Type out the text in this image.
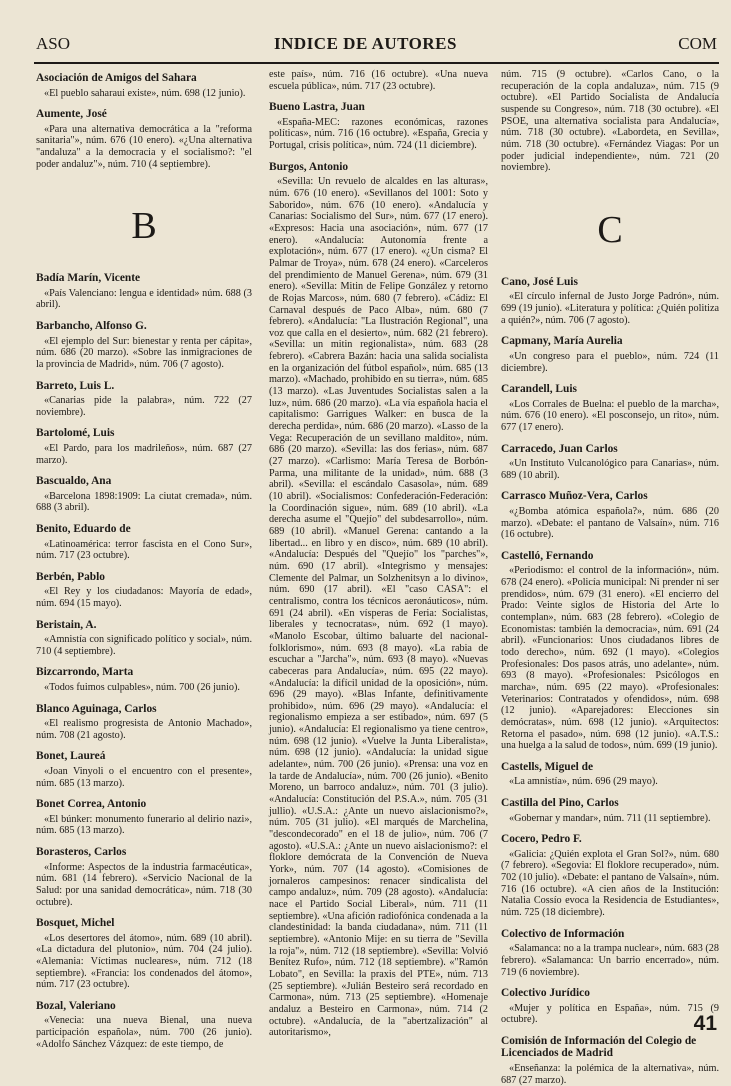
ASO	INDICE DE AUTORES	COM
Asociación de Amigos del Sahara

«El pueblo saharaui existe», núm. 698 (12 junio).

Aumente, José

«Para una alternativa democrática a la "reforma sanitaria"», núm. 676 (10 enero). «¿Una alternativa "andaluza" a la democracia y el socialismo?: "el poder andaluz"», núm. 710 (4 septiembre).

B
Badía Marín, Vicente

«País Valenciano: lengua e identidad» núm. 688 (3 abril).

Barbancho, Alfonso G.

«El ejemplo del Sur: bienestar y renta per cápita», núm. 686 (20 marzo). «Sobre las inmigraciones de la provincia de Madrid», núm. 706 (7 agosto).

Barreto, Luis L.

«Canarias pide la palabra», núm. 722 (27 noviembre).

Bartolomé, Luis

«El Pardo, para los madrileños», núm. 687 (27 marzo).

Bascualdo, Ana

«Barcelona 1898:1909: La ciutat cremada», núm. 688 (3 abril).

Benito, Eduardo de

«Latinoamérica: terror fascista en el Cono Sur», núm. 717 (23 octubre).

Berbén, Pablo

«El Rey y los ciudadanos: Mayoría de edad», núm. 694 (15 mayo).

Beristain, A.

«Amnistía con significado político y social», núm. 710 (4 septiembre).

Bizcarrondo, Marta

«Todos fuimos culpables», núm. 700 (26 junio).

Blanco Aguinaga, Carlos

«El realismo progresista de Antonio Machado», núm. 708 (21 agosto).

Bonet, Laureá

«Joan Vinyoli o el encuentro con el presente», núm. 685 (13 marzo).

Bonet Correa, Antonio

«El búnker: monumento funerario al delirio nazi», núm. 685 (13 marzo).

Borasteros, Carlos

«Informe: Aspectos de la industria farmacéutica», núm. 681 (14 febrero). «Servicio Nacional de la Salud: por una sanidad democrática», núm. 718 (30 octubre).

Bosquet, Michel

«Los desertores del átomo», núm. 689 (10 abril). «La dictadura del plutonio», núm. 704 (24 julio). «Alemania: Víctimas nucleares», núm. 712 (18 septiembre). «Francia: los condenados del átomo», núm. 717 (23 octubre).

Bozal, Valeriano

«Venecia: una nueva Bienal, una nueva participación española», núm. 700 (26 junio). «Adolfo Sánchez Vázquez: de este tiempo, de

este país», núm. 716 (16 octubre). «Una nueva escuela pública», núm. 717 (23 octubre).

Bueno Lastra, Juan

«España-MEC: razones económicas, razones políticas», núm. 716 (16 octubre). «España, Grecia y Portugal, crisis política», núm. 724 (11 diciembre).

Burgos, Antonio

«Sevilla: Un revuelo de alcaldes en las alturas», núm. 676 (10 enero). «Sevillanos del 1001: Soto y Saborido», núm. 676 (10 enero). «Andalucía y Canarias: Socialismo del Sur», núm. 677 (17 enero). «Expresos: Hacia una asociación», núm. 677 (17 enero). «Andalucía: Autonomía frente a explotación», núm. 677 (17 enero). «¿Un cisma? El Palmar de Troya», núm. 678 (24 enero). «Carceleros del prendimiento de Manuel Gerena», núm. 679 (31 enero). «Sevilla: Mitin de Felipe González y retorno de Rojas Marcos», núm. 680 (7 febrero). «Cádiz: El Carnaval después de Paco Alba», núm. 680 (7 febrero). «Andalucía: "La Ilustración Regional", una voz que calla en el desierto», núm. 682 (21 febrero). «Sevilla: un mitin regionalista», núm. 683 (28 febrero). «Cabrera Bazán: hacia una salida socialista en la organización del fútbol español», núm. 685 (13 marzo). «Machado, prohibido en su tierra», núm. 685 (13 marzo). «Las Juventudes Socialistas salen a la luz», núm. 686 (20 marzo). «La vía española hacia el capitalismo: Garrigues Walker: en busca de la derecha perdida», núm. 686 (20 marzo). «Lasso de la Vega: Recuperación de un sevillano maldito», núm. 686 (20 marzo). «Sevilla: las dos ferias», núm. 687 (27 marzo). «Carlismo: María Teresa de Borbón-Parma, una militante de la unidad», núm. 688 (3 abril). «Sevilla: el escándalo Casasola», núm. 689 (10 abril). «Socialismos: Confederación-Federación: la Coordinación sigue», núm. 689 (10 abril). «La derecha asume el "Quejío" del subdesarrollo», núm. 689 (10 abril). «Manuel Gerena: cantando a la libertad... en libro y en disco», núm. 689 (10 abril). «Andalucía: Después del "Quejío" los "parches"», núm. 690 (17 abril). «Integrismo y mensajes: Clemente del Palmar, un Solzhenitsyn a lo divino», núm. 690 (17 abril). «El "caso CASA": el centralismo, contra los técnicos aeronáuticos», núm. 691 (24 abril). «En vísperas de Feria: Socialistas, liberales y tecnocratas», núm. 692 (1 mayo). «Manolo Escobar, último baluarte del nacional-folklorismo», núm. 693 (8 mayo). «La rabia de escuchar a "Jarcha"», núm. 693 (8 mayo). «Nuevas cabeceras para Andalucía», núm. 695 (22 mayo). «Andalucía: la difícil unidad de la oposición», núm. 696 (29 mayo). «Blas Infante, definitivamente prohibido», núm. 696 (29 mayo). «Andalucía: el regionalismo empieza a ser estibado», núm. 697 (5 junio). «Andalucía: El regionalismo ya tiene centro», núm. 698 (12 junio). «Vuelve la Junta Liberalista», núm. 698 (12 junio). «Andalucía: la unidad sigue adelante», núm. 700 (26 junio). «Prensa: una voz en la tarde de Andalucía», núm. 700 (26 junio). «Benito Moreno, un barroco andaluz», núm. 701 (3 julio). «Andalucía: Constitución del P.S.A.», núm. 705 (31 jullio). «U.S.A.: ¿Ante un nuevo aislacionismo?», núm. 705 (31 julio). «El marqués de Marchelina, "descondecorado" en el 18 de julio», núm. 706 (7 agosto). «U.S.A.: ¿Ante un nuevo aislacionismo?: el floklore demócrata de la Convención de Nueva York», núm. 707 (14 agosto). «Comisiones de jornaleros campesinos: renacer sindicalista del campo andaluz», núm. 709 (28 agosto). «Andalucía: nace el Partido Social Liberal», núm. 711 (11 septiembre). «Una afición radiofónica condenada a la clandestinidad: la banda ciudadana», núm. 711 (11 septiembre). «Antonio Mije: en su tierra de "Sevilla la roja"», núm. 712 (18 septiembre). «Sevilla: Volvió Benítez Rufo», núm. 712 (18 septiembre). «"Ramón Lobato", en Sevilla: la praxis del PTE», núm. 713 (25 septiembre). «Julián Besteiro será recordado en Carmona», núm. 713 (25 septiembre). «Homenaje andaluz a Besteiro en Carmona», núm. 714 (2 octubre). «Andalucía, de la "abertzalización" al autoritarismo»,

núm. 715 (9 octubre). «Carlos Cano, o la recuperación de la copla andaluza», núm. 715 (9 octubre). «El Partido Socialista de Andalucía suspende su Congreso», núm. 718 (30 octubre). «El PSOE, una alternativa socialista para Andalucía», núm. 718 (30 octubre). «Labordeta, en Sevilla», núm. 718 (30 octubre). «Fernández Viagas: Por un poder judicial independiente», núm. 721 (20 noviembre).

C
Cano, José Luis

«El círculo infernal de Justo Jorge Padrón», núm. 699 (19 junio). «Literatura y política: ¿Quién politiza a quién?», núm. 706 (7 agosto).

Capmany, María Aurelia

«Un congreso para el pueblo», núm. 724 (11 diciembre).

Carandell, Luis

«Los Corrales de Buelna: el pueblo de la marcha», núm. 676 (10 enero). «El posconsejo, un rito», núm. 677 (17 enero).

Carracedo, Juan Carlos

«Un Instituto Vulcanológico para Canarias», núm. 689 (10 abril).

Carrasco Muñoz-Vera, Carlos

«¿Bomba atómica española?», núm. 686 (20 marzo). «Debate: el pantano de Valsaín», núm. 716 (16 octubre).

Castelló, Fernando

«Periodismo: el control de la información», núm. 678 (24 enero). «Policía municipal: Ni prender ni ser prendidos», núm. 679 (31 enero). «El encierro del Prado: Veinte siglos de Historia del Arte lo contemplan», núm. 683 (28 febrero). «Colegio de Economistas: también la democracia», núm. 691 (24 abril). «Funcionarios: Unos ciudadanos libres de todo derecho», núm. 692 (1 mayo). «Colegios Profesionales: Dos pasos atrás, uno adelante», núm. 693 (8 mayo). «Profesionales: Psicólogos en marcha», núm. 695 (22 mayo). «Profesionales: Veterinarios: Contratados y ofendidos», núm. 698 (12 junio). «Aparejadores: Elecciones sin demócratas», núm. 698 (12 junio). «Arquitectos: Retorna el pasado», núm. 698 (12 junio). «A.T.S.: una huelga a la salud de todos», núm. 699 (19 junio).

Castells, Miguel de

«La amnistía», núm. 696 (29 mayo).

Castilla del Pino, Carlos

«Gobernar y mandar», núm. 711 (11 septiembre).

Cocero, Pedro F.

«Galicia: ¿Quién explota el Gran Sol?», núm. 680 (7 febrero). «Segovia: El floklore recuperado», núm. 702 (10 julio). «Debate: el pantano de Valsaín», núm. 716 (16 octubre). «A cien años de la Institución: Natalia Cossío evoca la Residencia de Estudiantes», núm. 725 (18 diciembre).

Colectivo de Información

«Salamanca: no a la trampa nuclear», núm. 683 (28 febrero). «Salamanca: Un barrio encerrado», núm. 719 (6 noviembre).

Colectivo Jurídico

«Mujer y política en España», núm. 715 (9 octubre).

Comisión de Información del Colegio de Licenciados de Madrid

«Enseñanza: la polémica de la alternativa», núm. 687 (27 marzo).

41
